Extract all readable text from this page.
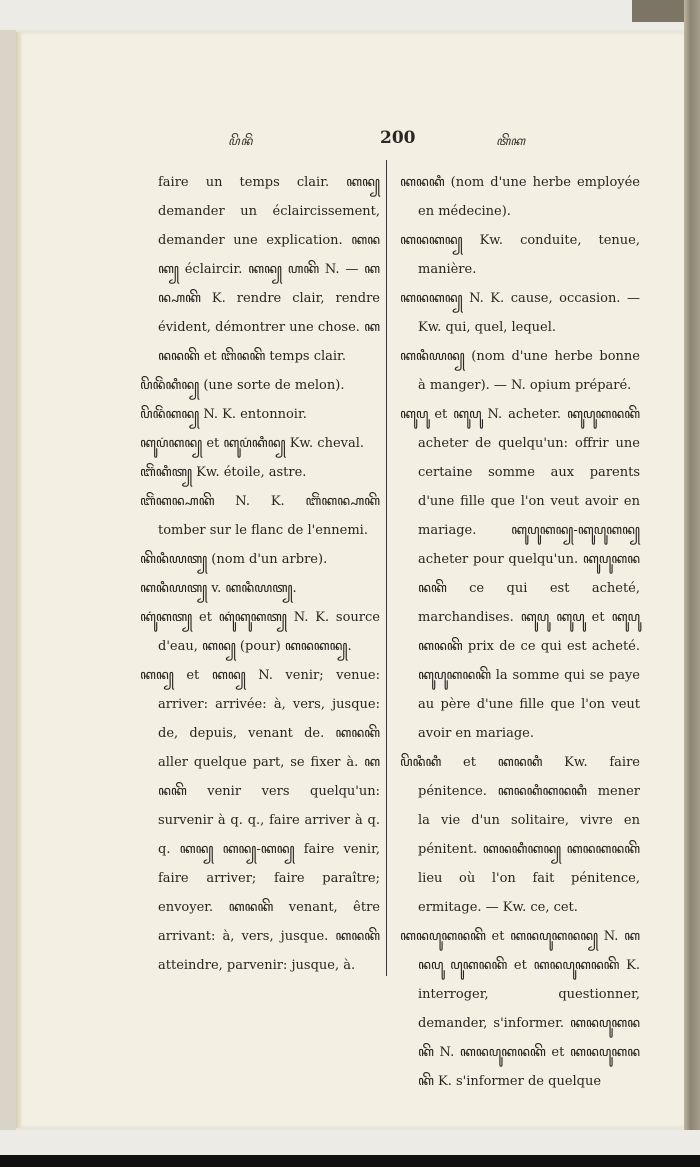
ꦥꦼꦤꦼꦁ	200	ꦠꦼꦏ

faire un temps clair. ꦏꦤ꧀ demander un éclaircissement, demander une explication. ꦏꦤꦏ꧀ éclaircir. ꦏꦤ꧀ ꦲꦏꦼ N. — ꦏꦤ꧀ꦲꦏꦼ K. rendre clair, rendre évident, démontrer une chose. ꦏꦤꦤꦏꦼ et ꦧꦼꦤꦏꦼ temps clair.

ꦥꦼꦤꦼꦁꦏꦶꦤ꧀ (une sorte de melon).

ꦥꦼꦤꦼꦁꦏꦤ꧀ N. K. entonnoir.

ꦏꦸꦥꦁꦏꦤ꧀ et ꦏꦸꦥꦁꦏꦶꦤ꧀ Kw. cheval.

ꦧꦼꦁꦏꦶꦠ꧀ Kw. étoile, astre.

ꦧꦼꦁꦏꦤ꧀ꦲꦏꦼ N. K. ꦧꦼꦁꦏꦤ꧀ꦲꦏꦼ tomber sur le flanc de l'ennemi.

ꦏꦼꦤꦶꦪꦠ꧀ (nom d'un arbre).

ꦏꦤꦶꦪꦠ꧀ v. ꦏꦤꦶꦪꦠ꧀.

ꦏꦸꦁꦏꦠ꧀ et ꦏꦸꦁꦏꦸꦏꦠ꧀ N. K. source d'eau, ꦏꦤ꧀ (pour) ꦏꦤꦏꦤ꧀.

ꦏꦤ꧀ et ꦏꦤ꧀ N. venir; venue: arriver: arrivée: à, vers, jusque: de, depuis, venant de. ꦏꦤꦏꦼ aller quelque part, se fixer à. ꦏꦤꦏꦼ venir vers quelqu'un: survenir à q. q., faire arriver à q. q. ꦏꦤ꧀ ꦏꦤ꧀-ꦏꦤ꧀ faire venir, faire arriver; faire paraître; envoyer. ꦏꦤꦏꦼ venant, être arrivant: à, vers, jusque. ꦏꦤꦏꦼ atteindre, parvenir: jusque, à.

ꦏꦤꦏꦶ (nom d'une herbe employée en médecine).

ꦏꦤꦏꦤ꧀ Kw. conduite, tenue, manière.

ꦏꦤꦏꦤ꧀ N. K. cause, occasion. — Kw. qui, quel, lequel.

ꦏꦤꦶꦪꦤ꧀ (nom d'une herbe bonne à manger). — N. opium préparé.

ꦏꦸꦥꦸ et ꦏꦸꦥꦸ N. acheter. ꦏꦸꦥꦸꦏꦤꦏꦼ acheter de quelqu'un: offrir une certaine somme aux parents d'une fille que l'on veut avoir en mariage. ꦏꦸꦥꦸꦏꦤ꧀-ꦏꦸꦥꦸꦏꦤ꧀ acheter pour quelqu'un. ꦏꦸꦥꦸꦏꦤꦤꦏꦼ ce qui est acheté, marchandises. ꦏꦸꦥꦸ ꦏꦸꦥꦸ et ꦏꦸꦥꦸꦏꦤꦏꦼ prix de ce qui est acheté. ꦏꦸꦥꦸꦏꦤꦏꦼ la somme qui se paye au père d'une fille que l'on veut avoir en mariage.

ꦥꦼꦤꦶꦏꦶ et ꦏꦤꦏꦶ Kw. faire pénitence. ꦏꦤꦏꦶꦏꦤꦏꦶ mener la vie d'un solitaire, vivre en pénitent. ꦏꦤꦏꦶꦏꦤ꧀ ꦏꦤꦏꦤꦏꦼ lieu où l'on fait pénitence, ermitage. — Kw. ce, cet.

ꦏꦤꦥꦸꦏꦤꦏꦼ et ꦏꦤꦥꦸꦏꦤꦤ꧀ N. ꦏꦤꦥꦸ ꦥꦸꦏꦤꦏꦼ et ꦏꦤꦥꦸꦏꦤꦏꦼ K. interroger, questionner, demander, s'informer. ꦏꦤꦥꦸꦏꦤꦏꦼ N. ꦏꦤꦥꦸꦏꦤꦏꦼ et ꦏꦤꦥꦸꦏꦤꦏꦼ K. s'informer de quelque
